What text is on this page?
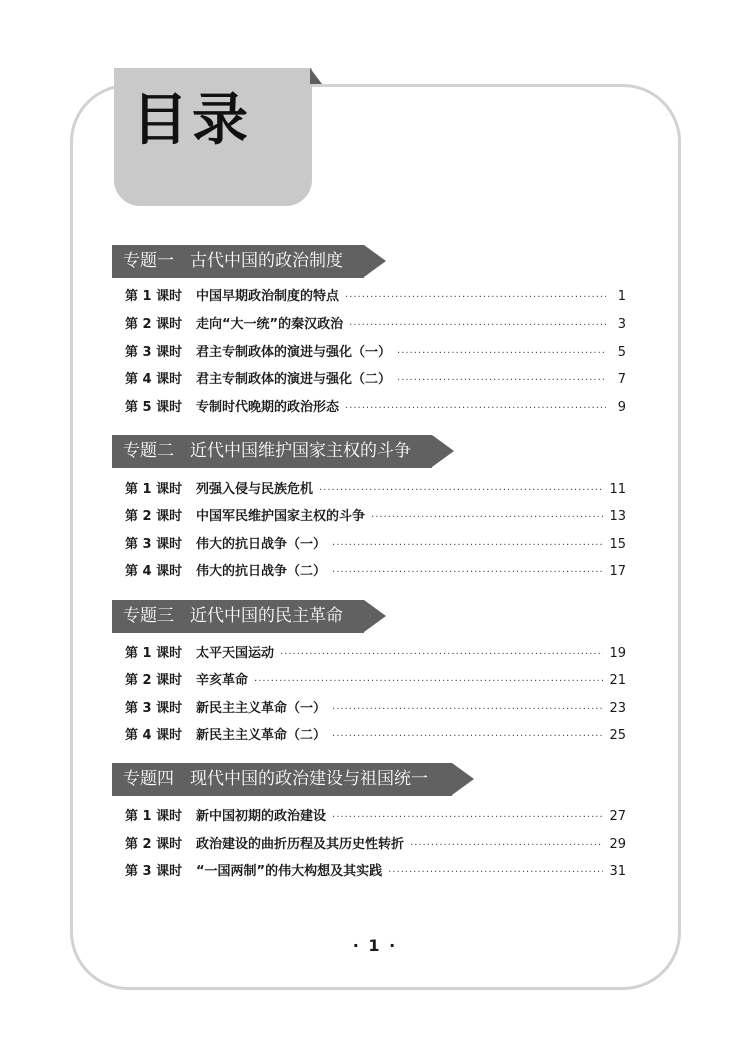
目录
专题一 古代中国的政治制度
第 1 课时	中国早期政治制度的特点 ·····	1
第 2 课时	走向“大一统”的秦汉政治 ·····	3
第 3 课时	君主专制政体的演进与强化（一） ·····	5
第 4 课时	君主专制政体的演进与强化（二） ·····	7
第 5 课时	专制时代晚期的政治形态 ·····	9
专题二 近代中国维护国家主权的斗争
第 1 课时	列强入侵与民族危机 ·····	11
第 2 课时	中国军民维护国家主权的斗争 ·····	13
第 3 课时	伟大的抗日战争（一） ·····	15
第 4 课时	伟大的抗日战争（二） ·····	17
专题三 近代中国的民主革命
第 1 课时	太平天国运动 ·····	19
第 2 课时	辛亥革命 ·····	21
第 3 课时	新民主主义革命（一） ·····	23
第 4 课时	新民主主义革命（二） ·····	25
专题四 现代中国的政治建设与祖国统一
第 1 课时	新中国初期的政治建设 ·····	27
第 2 课时	政治建设的曲折历程及其历史性转折 ·····	29
第 3 课时	“一国两制”的伟大构想及其实践 ·····	31
· 1 ·
